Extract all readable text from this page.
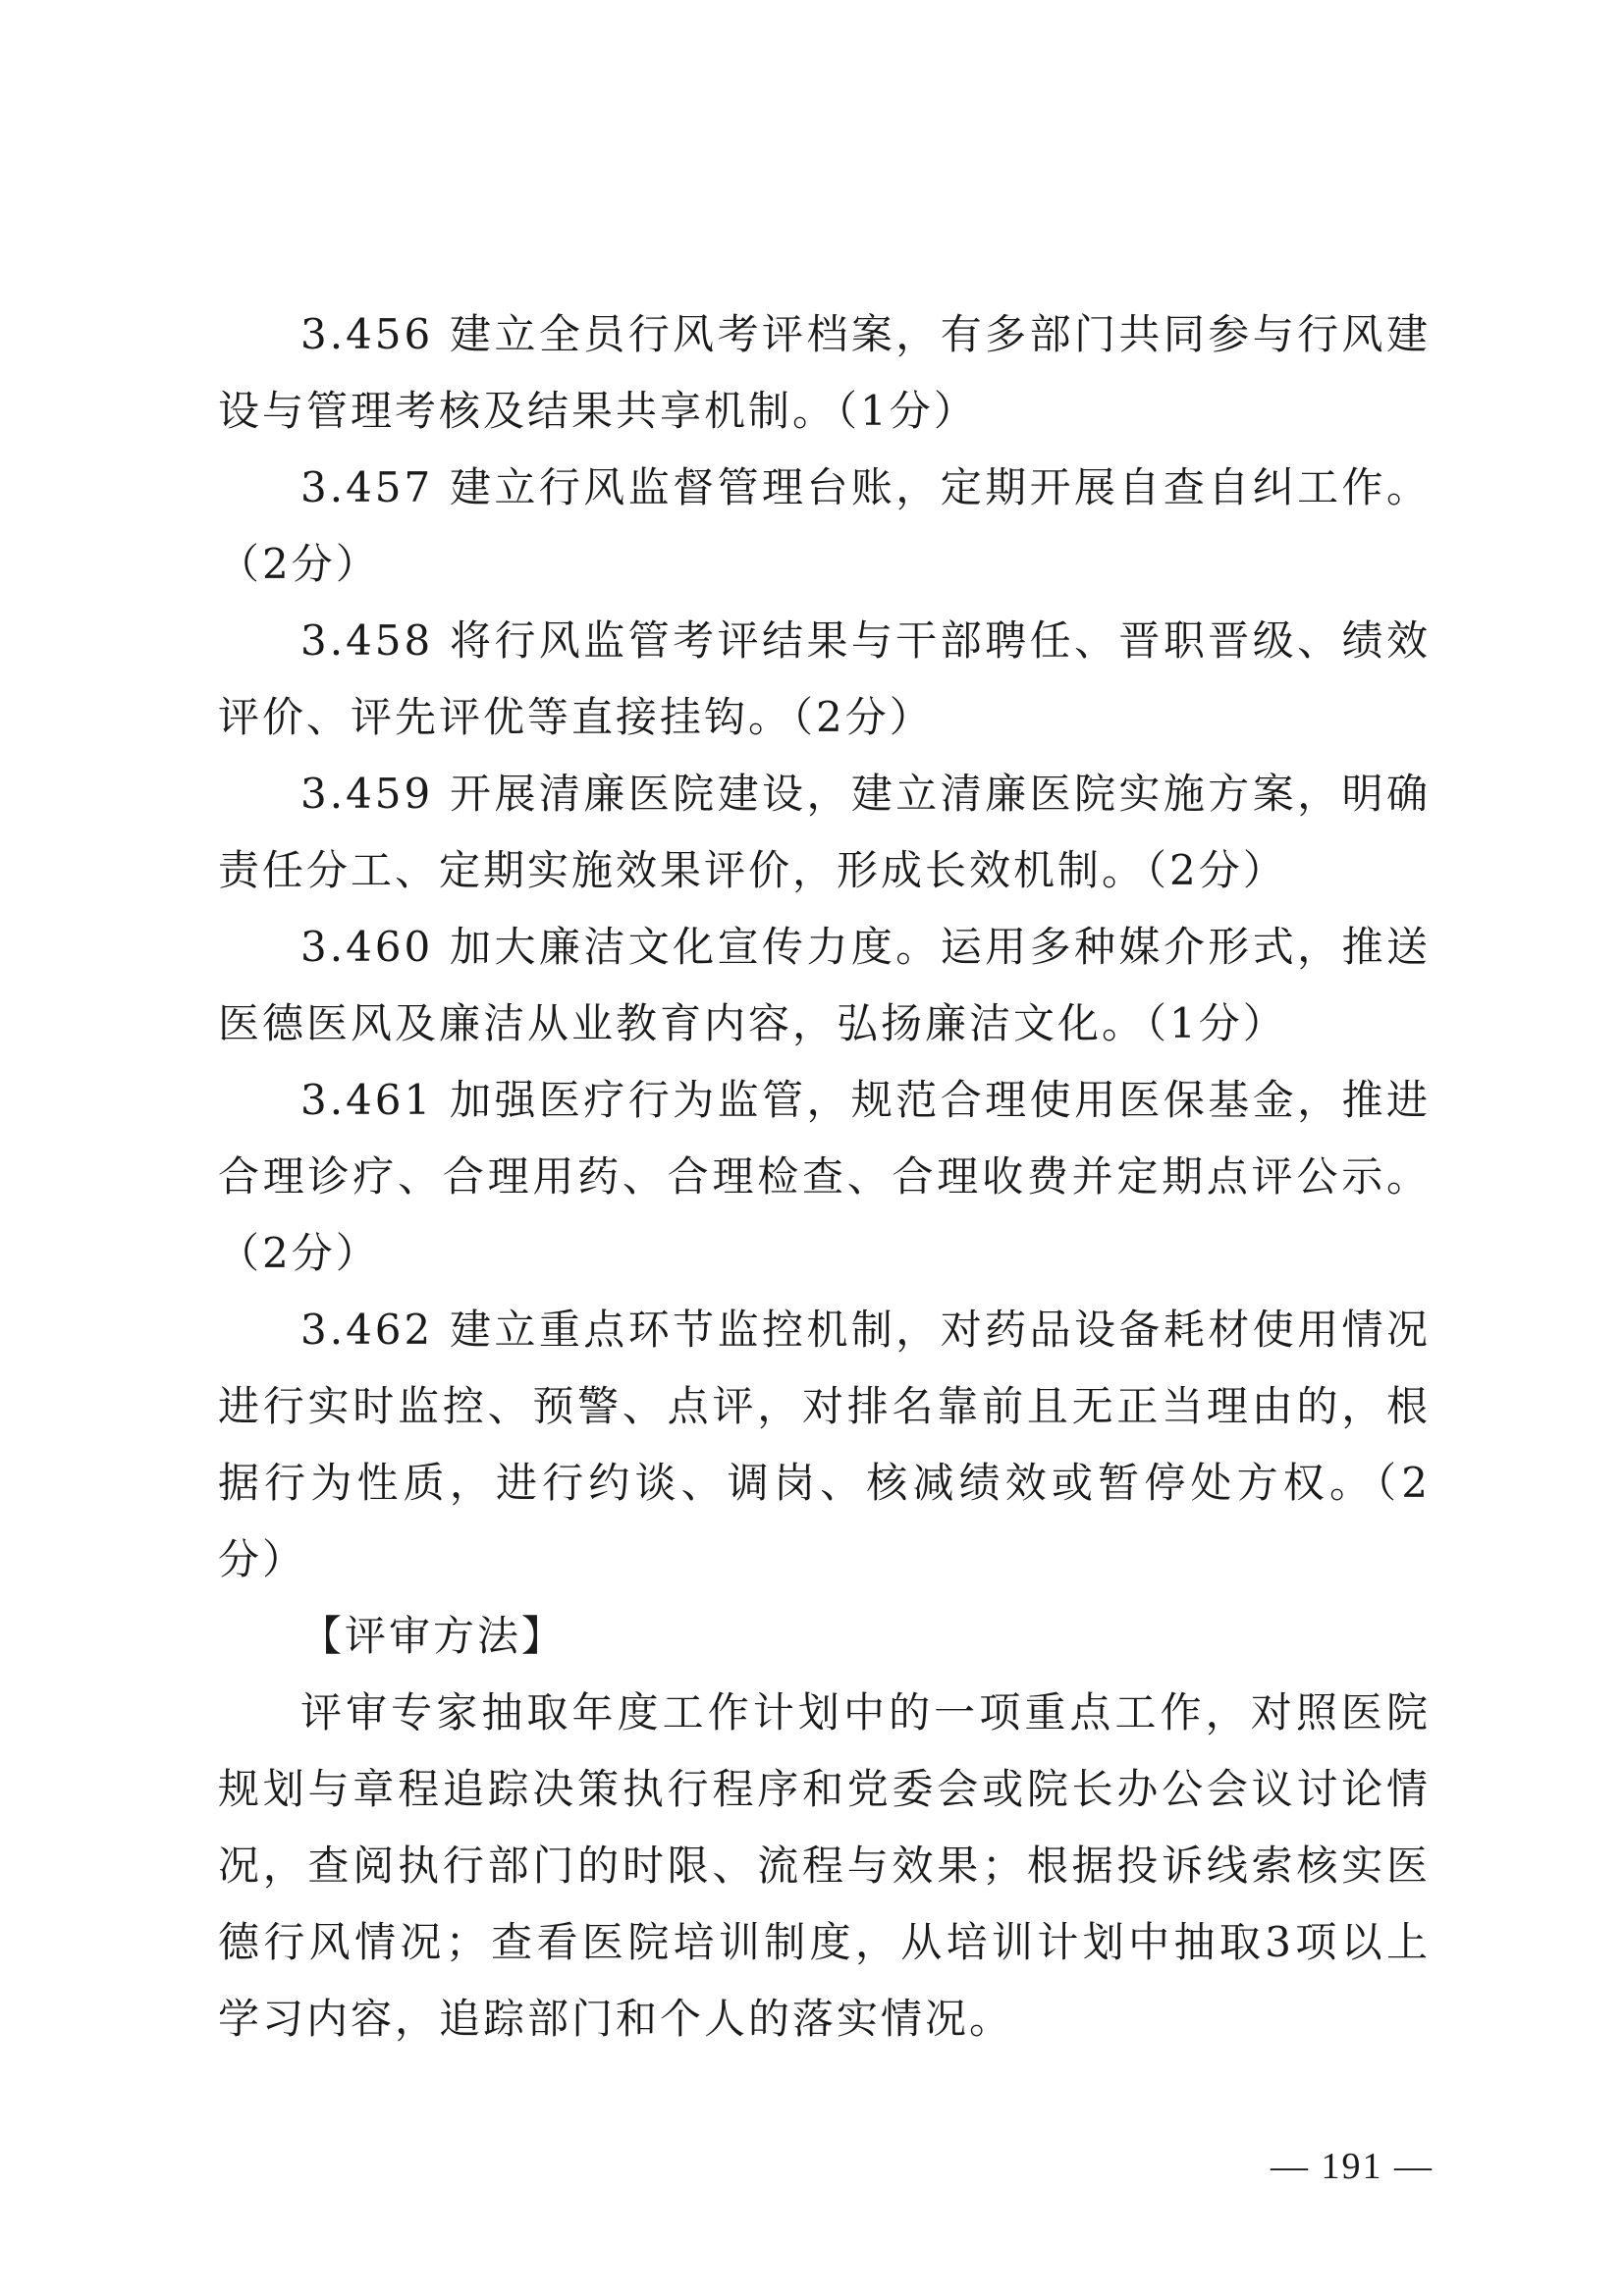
3.456 建立全员行风考评档案，有多部门共同参与行风建设与管理考核及结果共享机制。（1分）

3.457 建立行风监督管理台账，定期开展自查自纠工作。（2分）

3.458 将行风监管考评结果与干部聘任、晋职晋级、绩效评价、评先评优等直接挂钩。（2分）

3.459 开展清廉医院建设，建立清廉医院实施方案，明确责任分工、定期实施效果评价，形成长效机制。（2分）

3.460 加大廉洁文化宣传力度。运用多种媒介形式，推送医德医风及廉洁从业教育内容，弘扬廉洁文化。（1分）

3.461 加强医疗行为监管，规范合理使用医保基金，推进合理诊疗、合理用药、合理检查、合理收费并定期点评公示。（2分）

3.462 建立重点环节监控机制，对药品设备耗材使用情况进行实时监控、预警、点评，对排名靠前且无正当理由的，根据行为性质，进行约谈、调岗、核减绩效或暂停处方权。（2分）

【评审方法】

评审专家抽取年度工作计划中的一项重点工作，对照医院规划与章程追踪决策执行程序和党委会或院长办公会议讨论情况，查阅执行部门的时限、流程与效果；根据投诉线索核实医德行风情况；查看医院培训制度，从培训计划中抽取3项以上学习内容，追踪部门和个人的落实情况。

— 191 —
